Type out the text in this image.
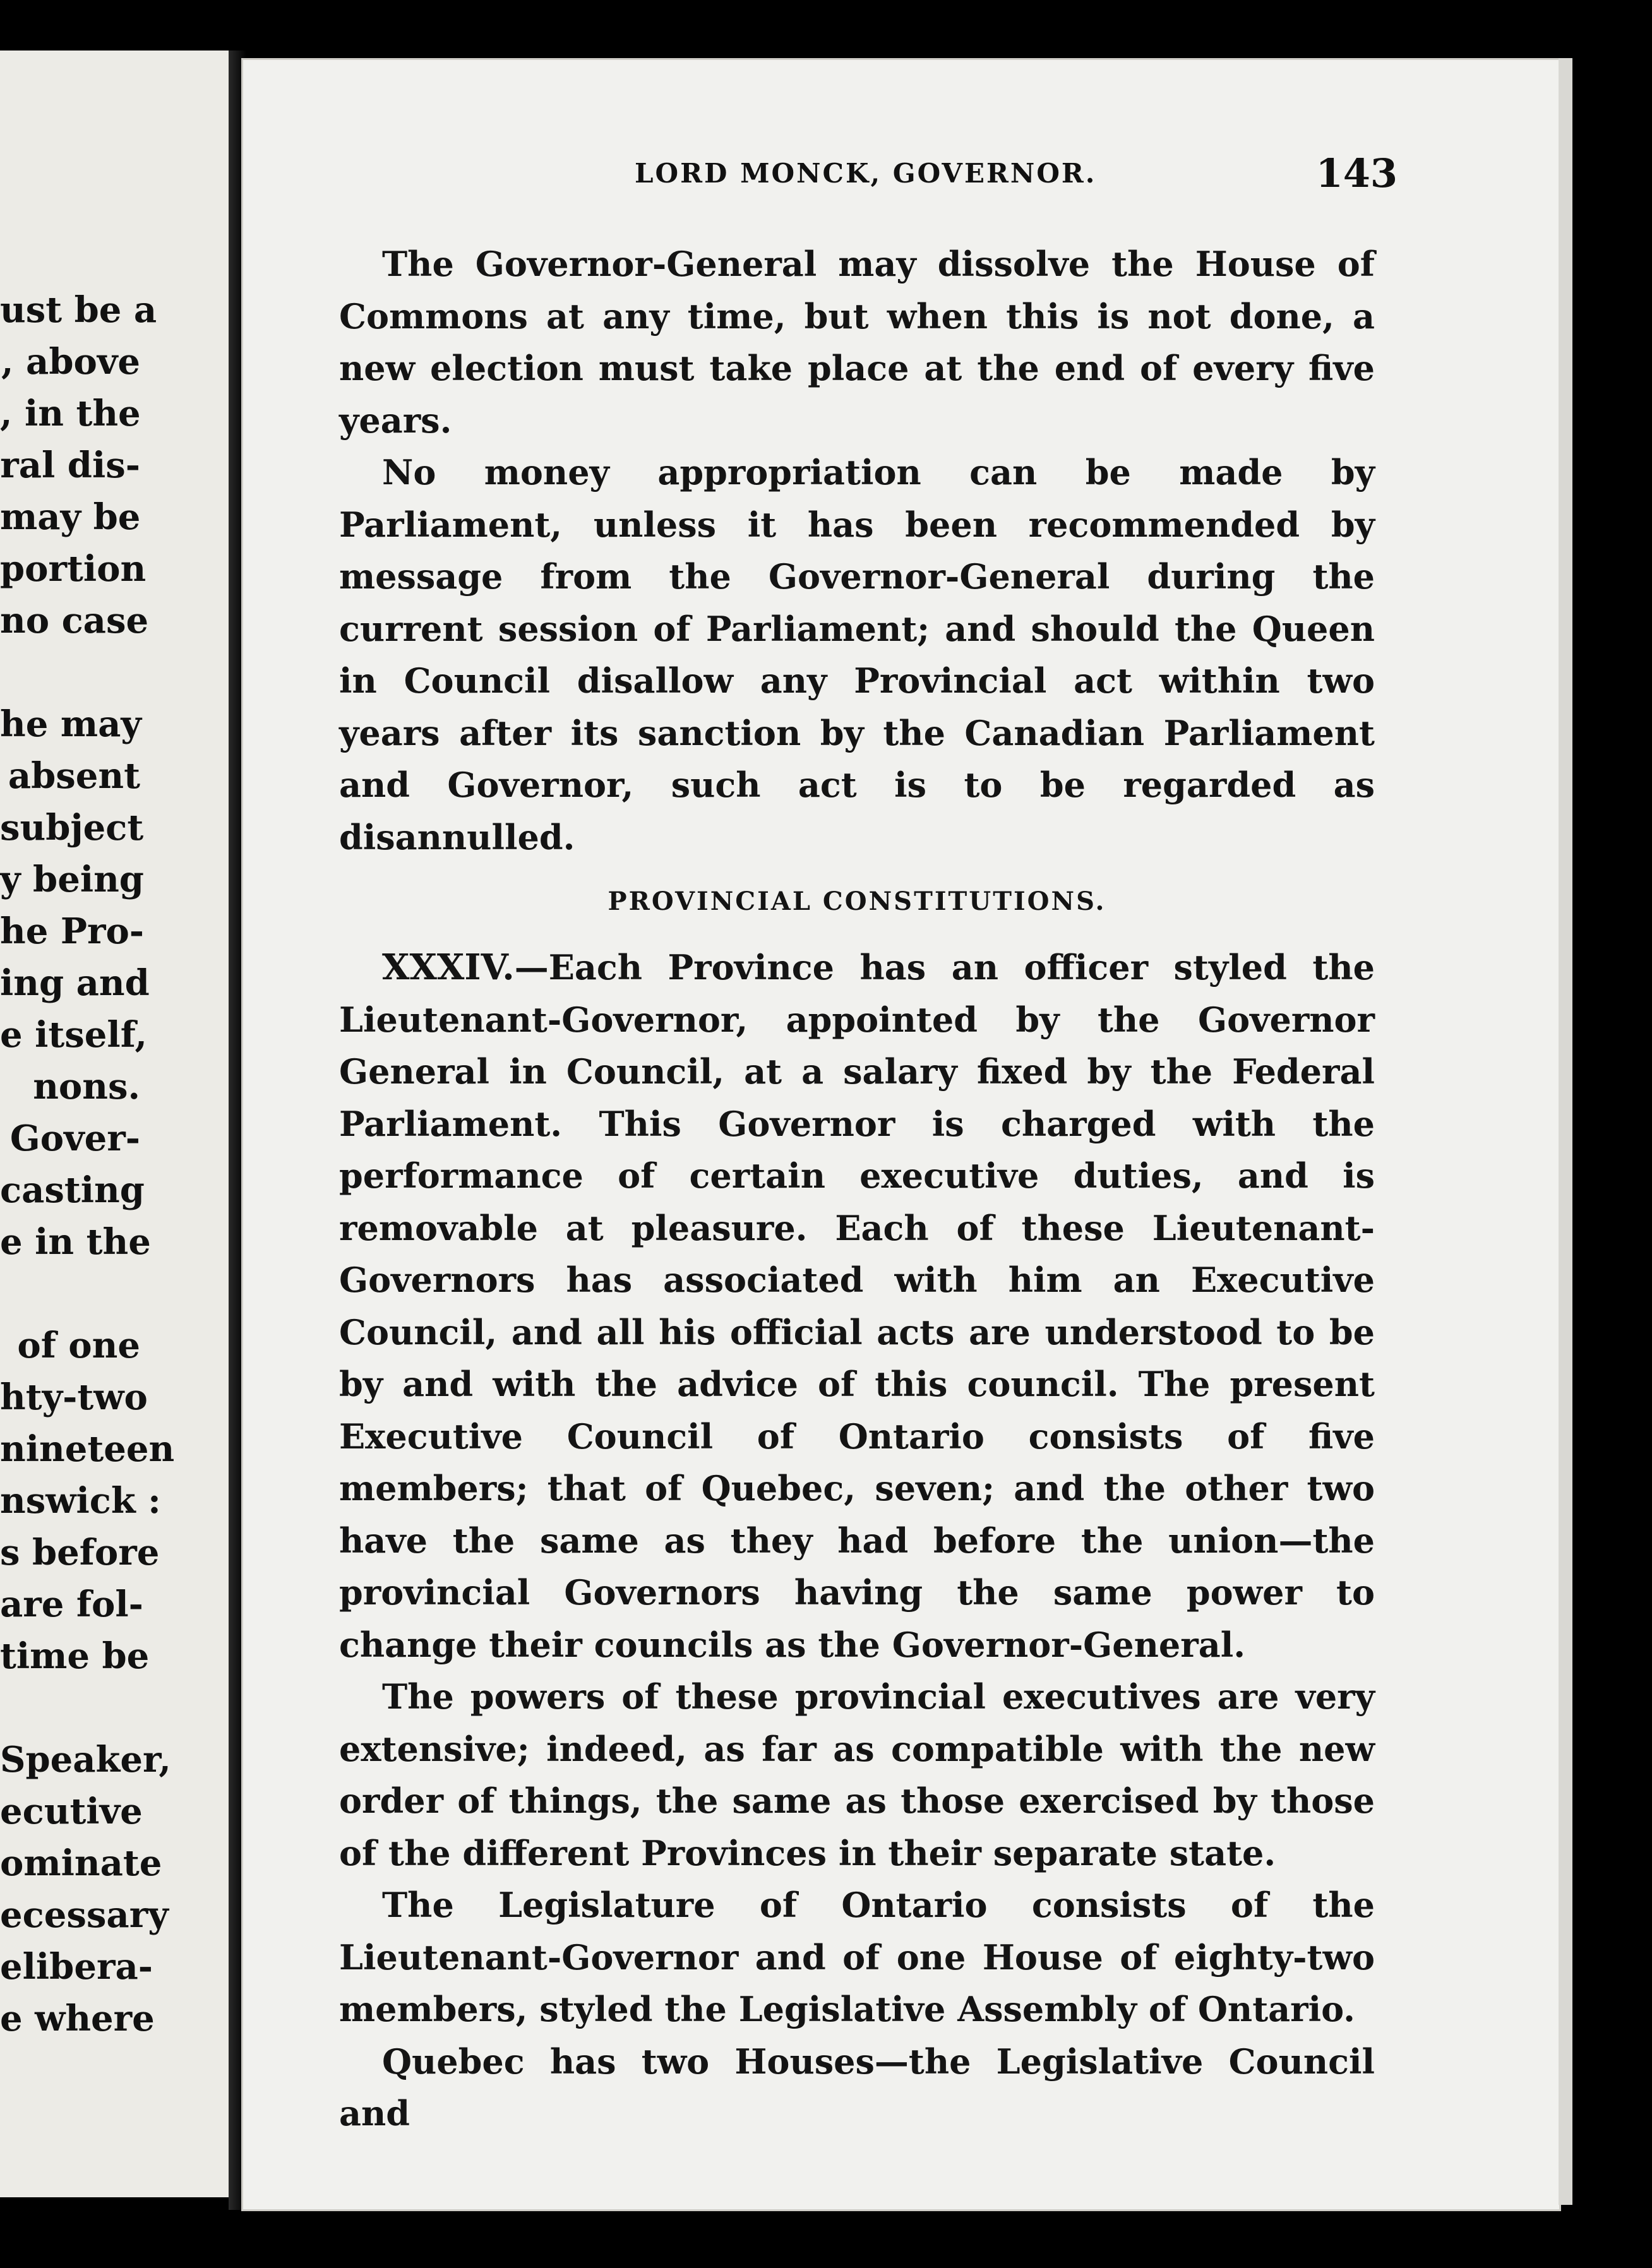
ust be a
, above
, in the
ral dis-
may be
portion
no case
he may
absent
subject
y being
he Pro-
ing and
e itself,
nons.
Gover-
casting
e in the
of one
hty-two
nineteen
nswick :
s before
are fol-
time be
Speaker,
ecutive
ominate
ecessary
elibera-
e where
LORD MONCK, GOVERNOR.	143

The Governor-General may dissolve the House of Commons at any time, but when this is not done, a new election must take place at the end of every five years.

No money appropriation can be made by Parliament, unless it has been recommended by message from the Governor-General during the current session of Parliament; and should the Queen in Council disallow any Provincial act within two years after its sanction by the Canadian Parliament and Governor, such act is to be regarded as disannulled.

PROVINCIAL CONSTITUTIONS.

XXXIV.—Each Province has an officer styled the Lieutenant-Governor, appointed by the Governor General in Council, at a salary fixed by the Federal Parliament. This Governor is charged with the performance of certain executive duties, and is removable at pleasure. Each of these Lieutenant-Governors has associated with him an Executive Council, and all his official acts are understood to be by and with the advice of this council. The present Executive Council of Ontario consists of five members; that of Quebec, seven; and the other two have the same as they had before the union—the provincial Governors having the same power to change their councils as the Governor-General.

The powers of these provincial executives are very extensive; indeed, as far as compatible with the new order of things, the same as those exercised by those of the different Provinces in their separate state.

The Legislature of Ontario consists of the Lieutenant-Governor and of one House of eighty-two members, styled the Legislative Assembly of Ontario.

Quebec has two Houses—the Legislative Council and
